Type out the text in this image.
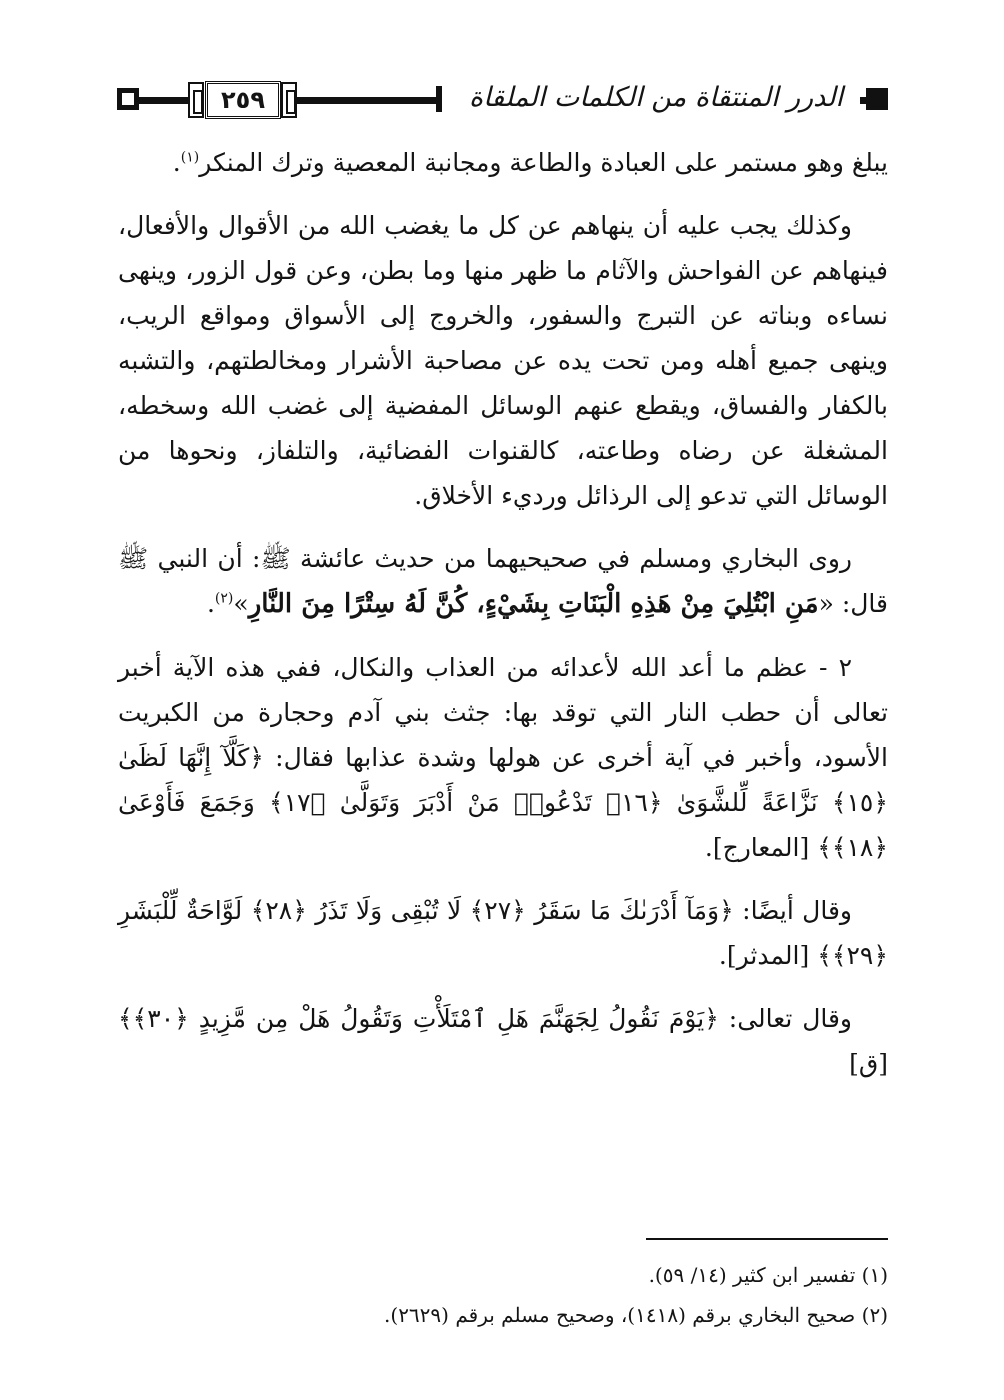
٢٥٩	الدرر المنتقاة من الكلمات الملقاة

يبلغ وهو مستمر على العبادة والطاعة ومجانبة المعصية وترك المنكر$^{(١)}$.

وكذلك يجب عليه أن ينهاهم عن كل ما يغضب الله من الأقوال والأفعال، فينهاهم عن الفواحش والآثام ما ظهر منها وما بطن، وعن قول الزور، وينهى نساءه وبناته عن التبرج والسفور، والخروج إلى الأسواق ومواقع الريب، وينهى جميع أهله ومن تحت يده عن مصاحبة الأشرار ومخالطتهم، والتشبه بالكفار والفساق، ويقطع عنهم الوسائل المفضية إلى غضب الله وسخطه، المشغلة عن رضاه وطاعته، كالقنوات الفضائية، والتلفاز، ونحوها من الوسائل التي تدعو إلى الرذائل ورديء الأخلاق.

روى البخاري ومسلم في صحيحيهما من حديث عائشة ﷺ: أن النبي ﷺ قال: «مَنِ ابْتُلِيَ مِنْ هَذِهِ الْبَنَاتِ بِشَيْءٍ، كُنَّ لَهُ سِتْرًا مِنَ النَّارِ»$^{(٢)}$.

٢ - عظم ما أعد الله لأعدائه من العذاب والنكال، ففي هذه الآية أخبر تعالى أن حطب النار التي توقد بها: جثث بني آدم وحجارة من الكبريت الأسود، وأخبر في آية أخرى عن هولها وشدة عذابها فقال: ﴿كَلَّآ إِنَّهَا لَظَىٰ ﴿١٥﴾ نَزَّاعَةً لِّلشَّوَىٰ ﴿١٦﴾ تَدْعُوا۟ مَنْ أَدْبَرَ وَتَوَلَّىٰ ﴿١٧﴾ وَجَمَعَ فَأَوْعَىٰ ﴿١٨﴾﴾ [المعارج].

وقال أيضًا: ﴿وَمَآ أَدْرَىٰكَ مَا سَقَرُ ﴿٢٧﴾ لَا تُبْقِى وَلَا تَذَرُ ﴿٢٨﴾ لَوَّاحَةٌ لِّلْبَشَرِ ﴿٢٩﴾﴾ [المدثر].

وقال تعالى: ﴿يَوْمَ نَقُولُ لِجَهَنَّمَ هَلِ ٱمْتَلَأْتِ وَتَقُولُ هَلْ مِن مَّزِيدٍ ﴿٣٠﴾﴾ [ق]

(١) تفسير ابن كثير (١٤/ ٥٩).

(٢) صحيح البخاري برقم (١٤١٨)، وصحيح مسلم برقم (٢٦٢٩).
